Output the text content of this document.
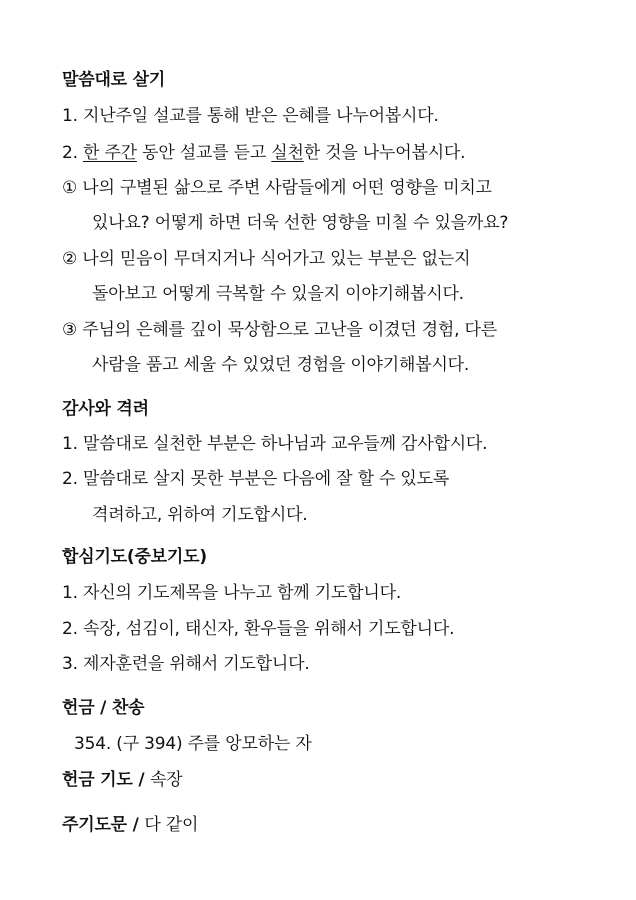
말씀대로 살기
1. 지난주일 설교를 통해 받은 은혜를 나누어봅시다.
2. 한 주간 동안 설교를 듣고 실천한 것을 나누어봅시다.
① 나의 구별된 삶으로 주변 사람들에게 어떤 영향을 미치고
있나요? 어떻게 하면 더욱 선한 영향을 미칠 수 있을까요?
② 나의 믿음이 무뎌지거나 식어가고 있는 부분은 없는지
돌아보고 어떻게 극복할 수 있을지 이야기해봅시다.
③ 주님의 은혜를 깊이 묵상함으로 고난을 이겼던 경험, 다른
사람을 품고 세울 수 있었던 경험을 이야기해봅시다.
감사와 격려
1. 말씀대로 실천한 부분은 하나님과 교우들께 감사합시다.
2. 말씀대로 살지 못한 부분은 다음에 잘 할 수 있도록
격려하고, 위하여 기도합시다.
합심기도(중보기도)
1. 자신의 기도제목을 나누고 함께 기도합니다.
2. 속장, 섬김이, 태신자, 환우들을 위해서 기도합니다.
3. 제자훈련을 위해서 기도합니다.
헌금 / 찬송
354. (구 394) 주를 앙모하는 자
헌금 기도 / 속장
주기도문 / 다 같이
